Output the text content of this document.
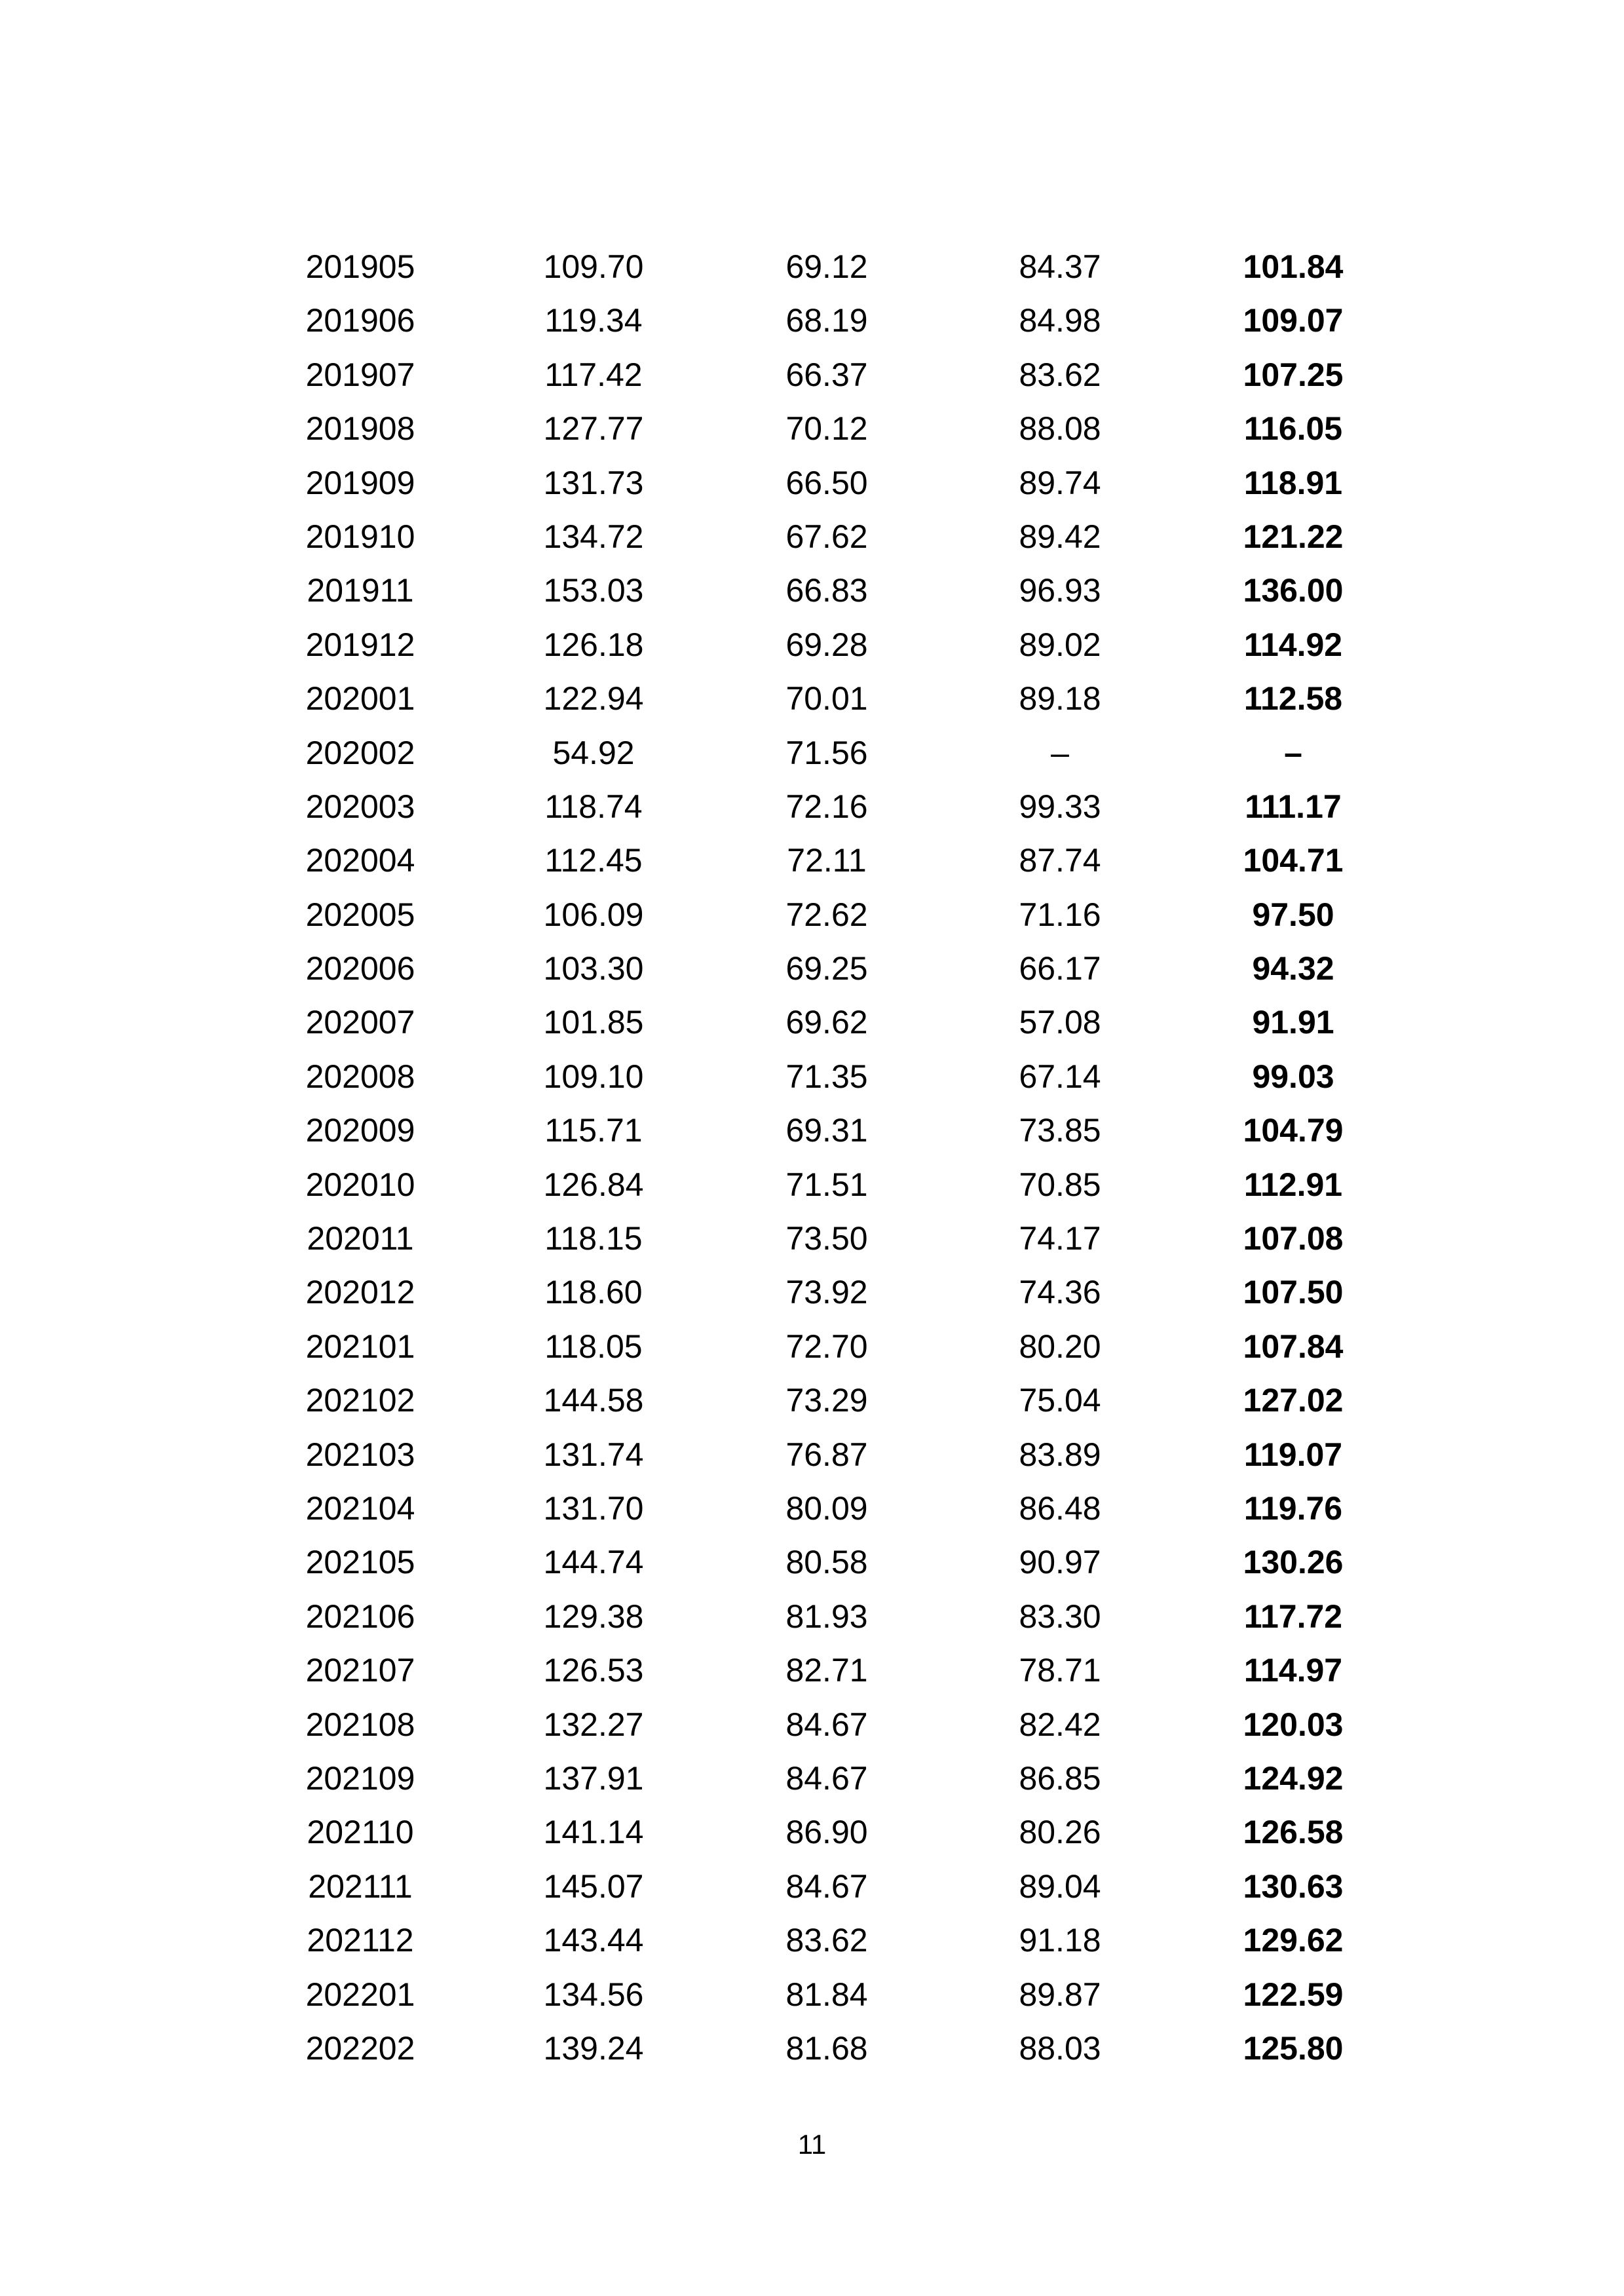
201905	109.70	69.12	84.37	101.84
201906	119.34	68.19	84.98	109.07
201907	117.42	66.37	83.62	107.25
201908	127.77	70.12	88.08	116.05
201909	131.73	66.50	89.74	118.91
201910	134.72	67.62	89.42	121.22
201911	153.03	66.83	96.93	136.00
201912	126.18	69.28	89.02	114.92
202001	122.94	70.01	89.18	112.58
202002	54.92	71.56	–	–
202003	118.74	72.16	99.33	111.17
202004	112.45	72.11	87.74	104.71
202005	106.09	72.62	71.16	97.50
202006	103.30	69.25	66.17	94.32
202007	101.85	69.62	57.08	91.91
202008	109.10	71.35	67.14	99.03
202009	115.71	69.31	73.85	104.79
202010	126.84	71.51	70.85	112.91
202011	118.15	73.50	74.17	107.08
202012	118.60	73.92	74.36	107.50
202101	118.05	72.70	80.20	107.84
202102	144.58	73.29	75.04	127.02
202103	131.74	76.87	83.89	119.07
202104	131.70	80.09	86.48	119.76
202105	144.74	80.58	90.97	130.26
202106	129.38	81.93	83.30	117.72
202107	126.53	82.71	78.71	114.97
202108	132.27	84.67	82.42	120.03
202109	137.91	84.67	86.85	124.92
202110	141.14	86.90	80.26	126.58
202111	145.07	84.67	89.04	130.63
202112	143.44	83.62	91.18	129.62
202201	134.56	81.84	89.87	122.59
202202	139.24	81.68	88.03	125.80
11
